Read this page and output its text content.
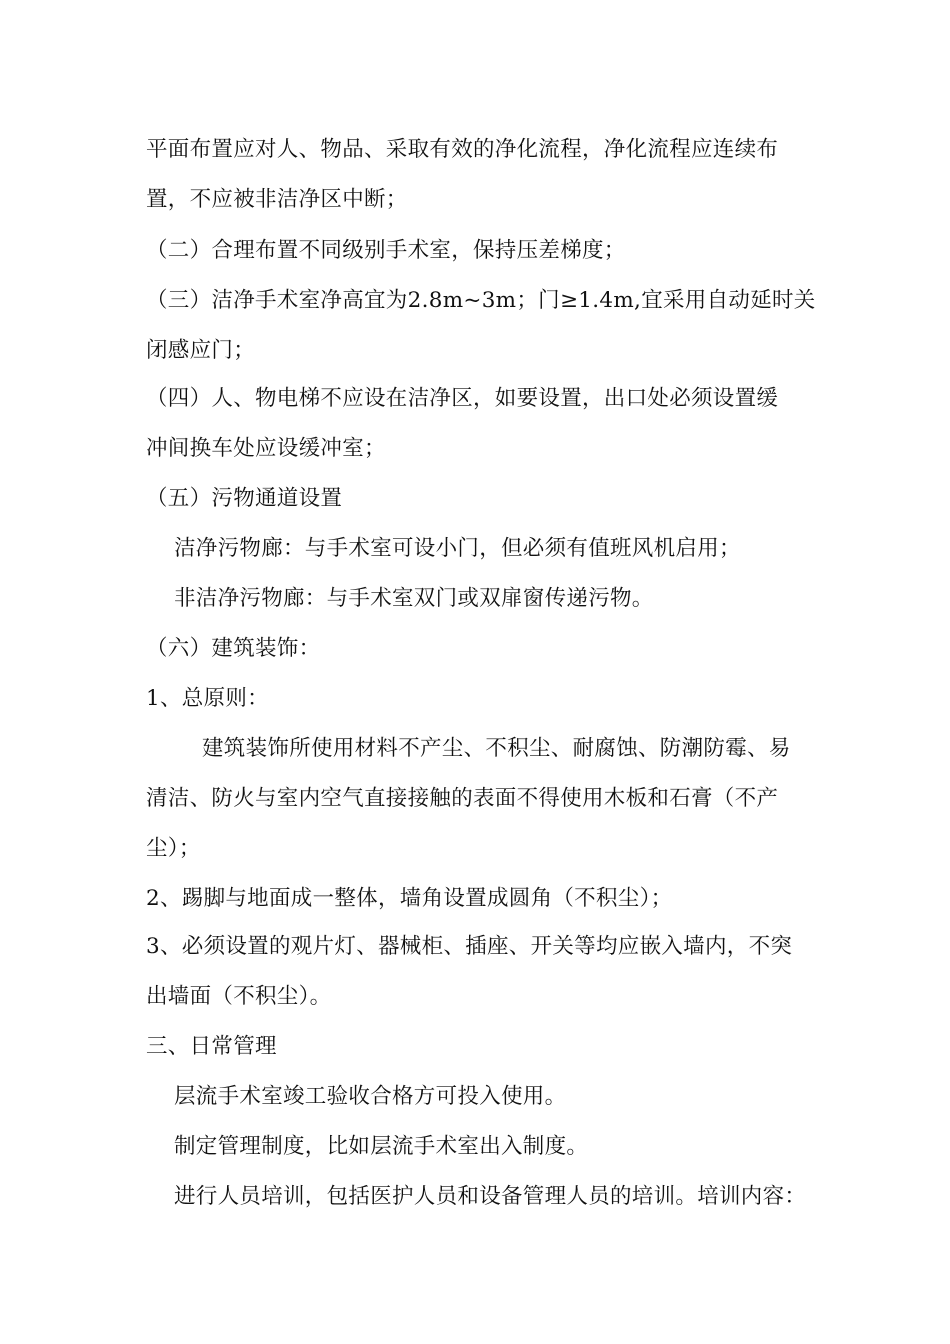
平面布置应对人、物品、采取有效的净化流程，净化流程应连续布
置，不应被非洁净区中断；
（二）合理布置不同级别手术室，保持压差梯度；
（三）洁净手术室净高宜为2.8m~3m；门≥1.4m,宜采用自动延时关
闭感应门；
（四）人、物电梯不应设在洁净区，如要设置，出口处必须设置缓
冲间换车处应设缓冲室；
（五）污物通道设置
洁净污物廊：与手术室可设小门，但必须有值班风机启用；
非洁净污物廊：与手术室双门或双扉窗传递污物。
（六）建筑装饰：
1、总原则：
建筑装饰所使用材料不产尘、不积尘、耐腐蚀、防潮防霉、易
清洁、防火与室内空气直接接触的表面不得使用木板和石膏（不产
尘）；
2、踢脚与地面成一整体，墙角设置成圆角（不积尘）；
3、必须设置的观片灯、器械柜、插座、开关等均应嵌入墙内，不突
出墙面（不积尘）。
三、日常管理
层流手术室竣工验收合格方可投入使用。
制定管理制度，比如层流手术室出入制度。
进行人员培训，包括医护人员和设备管理人员的培训。培训内容：
